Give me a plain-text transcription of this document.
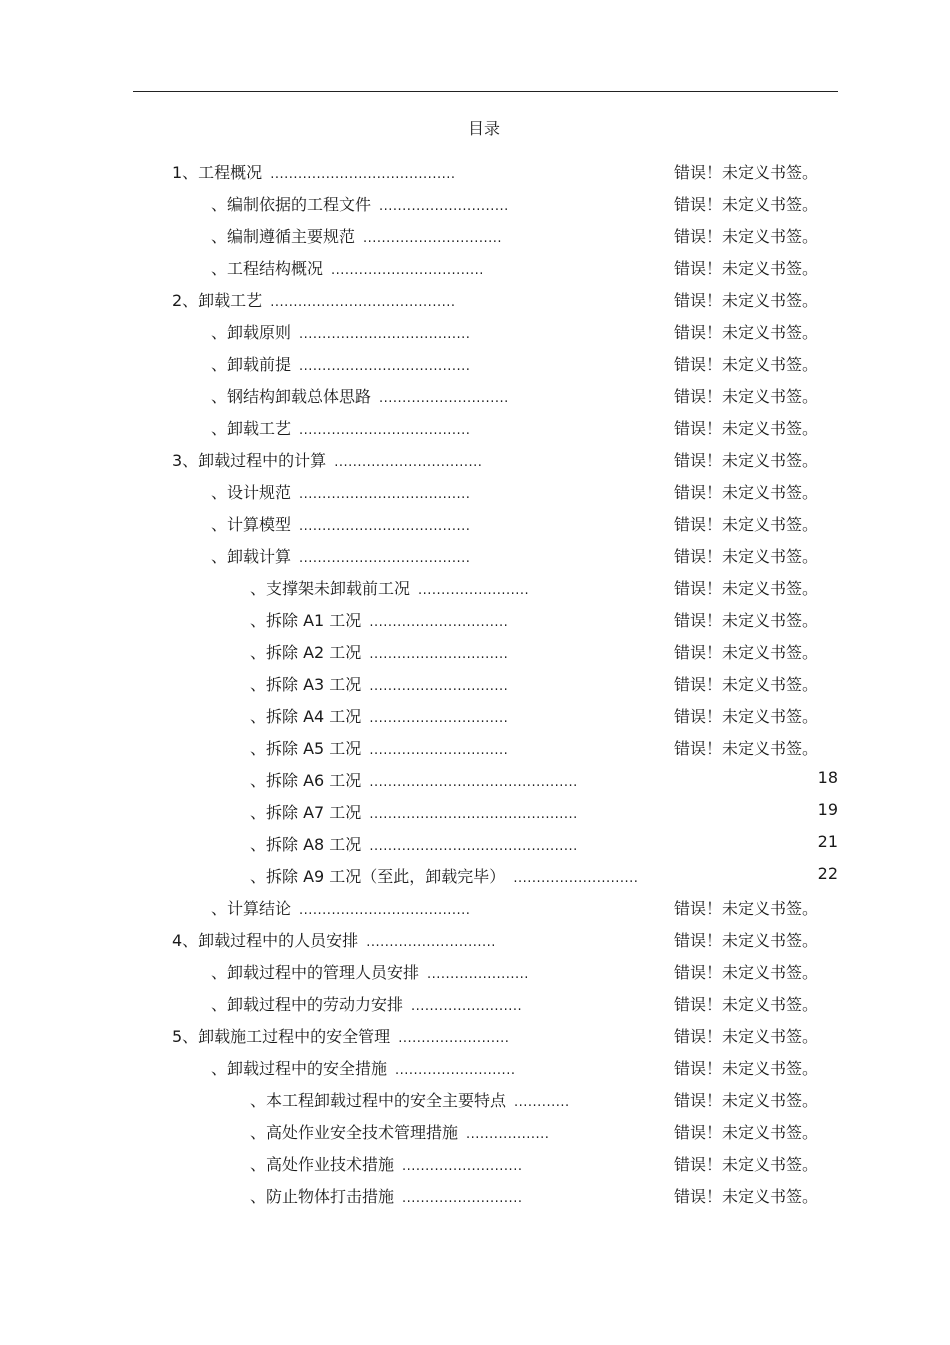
目录
1、工程概况 ........................................	错误！未定义书签。
、编制依据的工程文件 ............................	错误！未定义书签。
、编制遵循主要规范 ..............................	错误！未定义书签。
、工程结构概况 .................................	错误！未定义书签。
2、卸载工艺 ........................................	错误！未定义书签。
、卸载原则 .....................................	错误！未定义书签。
、卸载前提 .....................................	错误！未定义书签。
、钢结构卸载总体思路 ............................	错误！未定义书签。
、卸载工艺 .....................................	错误！未定义书签。
3、卸载过程中的计算 ................................	错误！未定义书签。
、设计规范 .....................................	错误！未定义书签。
、计算模型 .....................................	错误！未定义书签。
、卸载计算 .....................................	错误！未定义书签。
、支撑架未卸载前工况 ........................	错误！未定义书签。
、拆除 A1 工况 ..............................	错误！未定义书签。
、拆除 A2 工况 ..............................	错误！未定义书签。
、拆除 A3 工况 ..............................	错误！未定义书签。
、拆除 A4 工况 ..............................	错误！未定义书签。
、拆除 A5 工况 ..............................	错误！未定义书签。
、拆除 A6 工况 .............................................	18
、拆除 A7 工况 .............................................	19
、拆除 A8 工况 .............................................	21
、拆除 A9 工况（至此，卸载完毕） ...........................	22
、计算结论 .....................................	错误！未定义书签。
4、卸载过程中的人员安排 ............................	错误！未定义书签。
、卸载过程中的管理人员安排 ......................	错误！未定义书签。
、卸载过程中的劳动力安排 ........................	错误！未定义书签。
5、卸载施工过程中的安全管理 ........................	错误！未定义书签。
、卸载过程中的安全措施 ..........................	错误！未定义书签。
、本工程卸载过程中的安全主要特点 ............	错误！未定义书签。
、高处作业安全技术管理措施 ..................	错误！未定义书签。
、高处作业技术措施 ..........................	错误！未定义书签。
、防止物体打击措施 ..........................	错误！未定义书签。
